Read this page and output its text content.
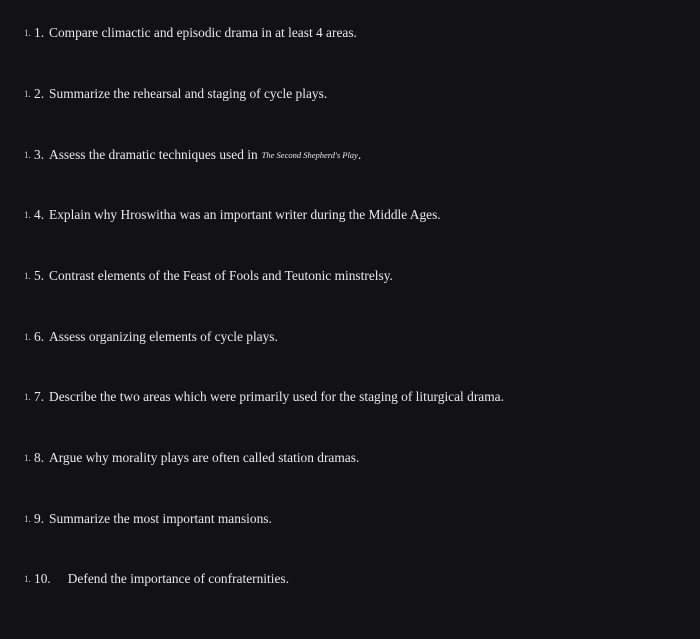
1. 1. Compare climactic and episodic drama in at least 4 areas.
1. 2. Summarize the rehearsal and staging of cycle plays.
1. 3. Assess the dramatic techniques used in The Second Shepherd's Play .
1. 4. Explain why Hroswitha was an important writer during the Middle Ages.
1. 5. Contrast elements of the Feast of Fools and Teutonic minstrelsy.
1. 6. Assess organizing elements of cycle plays.
1. 7. Describe the two areas which were primarily used for the staging of liturgical drama.
1. 8. Argue why morality plays are often called station dramas.
1. 9. Summarize the most important mansions.
1. 10. Defend the importance of confraternities.
